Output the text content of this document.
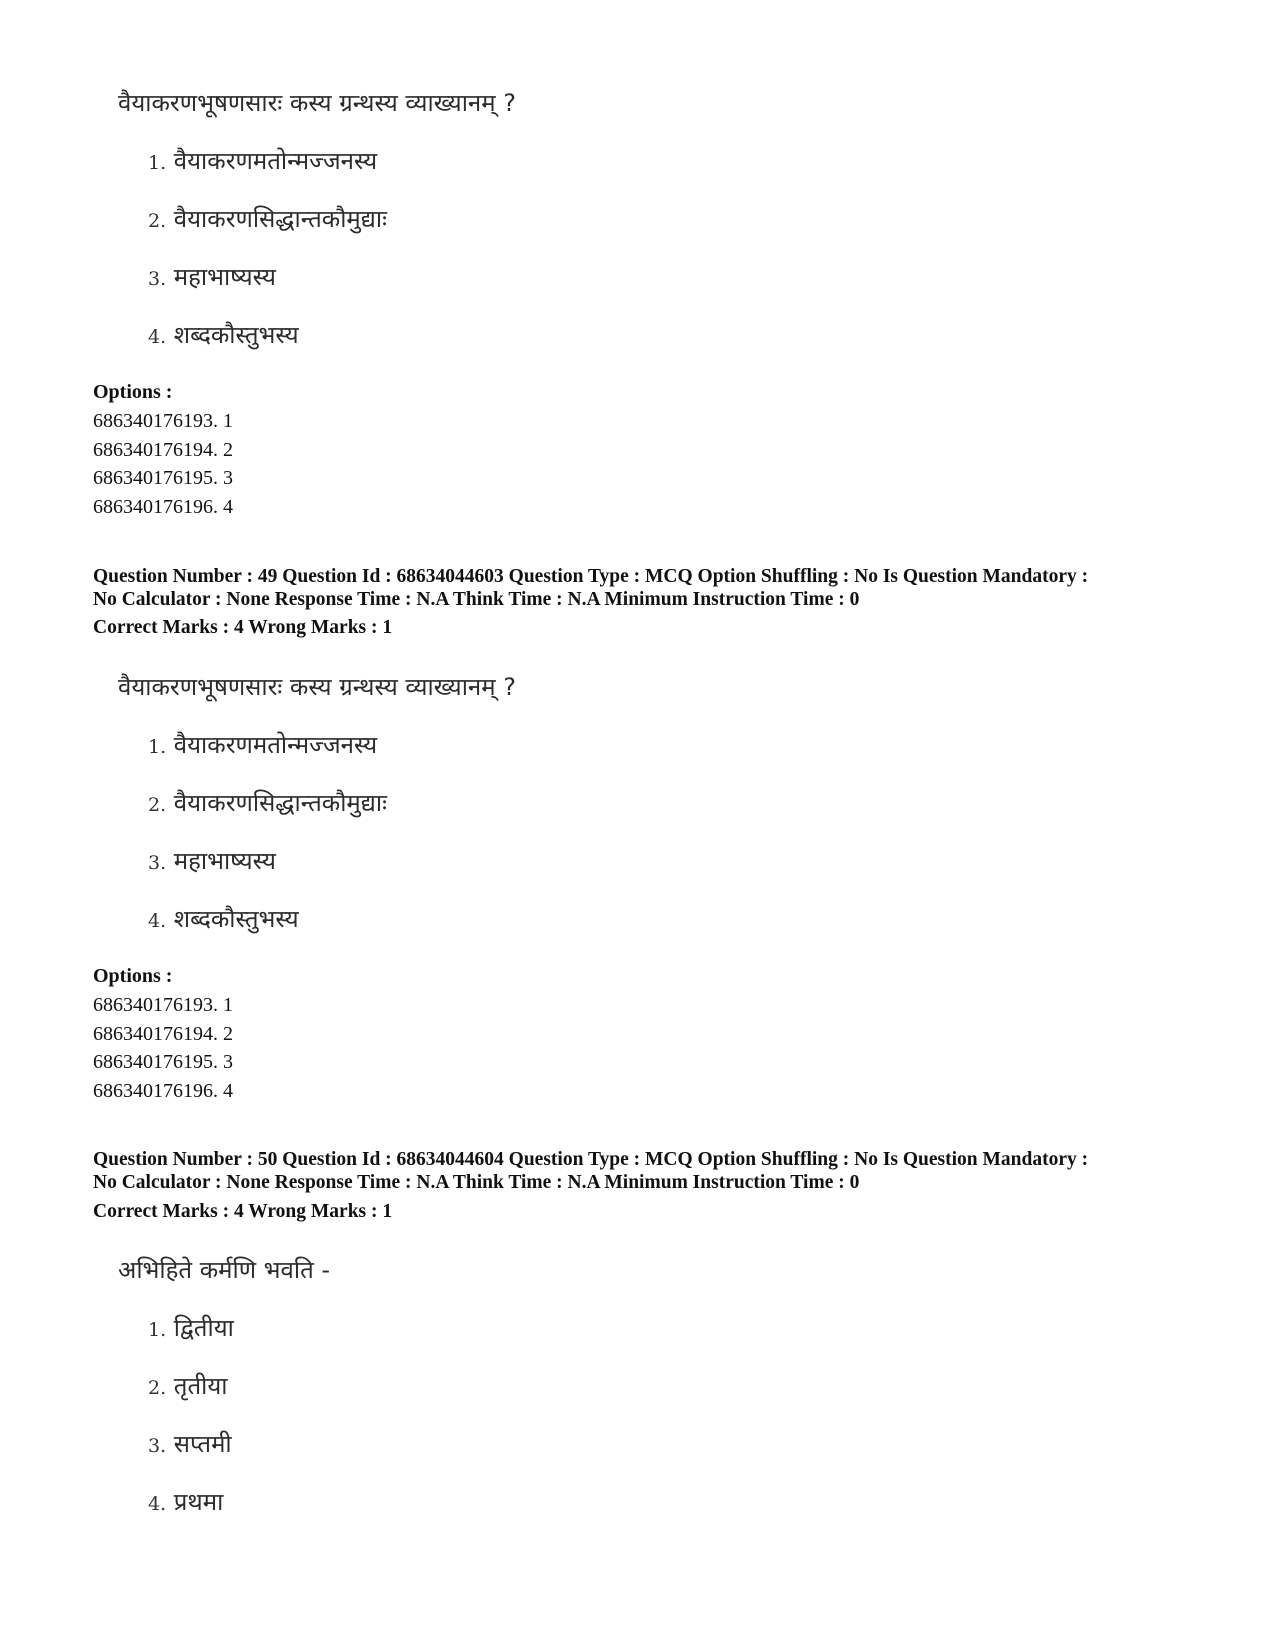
वैयाकरणभूषणसारः कस्य ग्रन्थस्य व्याख्यानम् ?
1. वैयाकरणमतोन्मज्जनस्य
2. वैयाकरणसिद्धान्तकौमुद्याः
3. महाभाष्यस्य
4. शब्दकौस्तुभस्य
Options :
686340176193. 1
686340176194. 2
686340176195. 3
686340176196. 4
Question Number : 49 Question Id : 68634044603 Question Type : MCQ Option Shuffling : No Is Question Mandatory :
No Calculator : None Response Time : N.A Think Time : N.A Minimum Instruction Time : 0
Correct Marks : 4 Wrong Marks : 1
वैयाकरणभूषणसारः कस्य ग्रन्थस्य व्याख्यानम् ?
1. वैयाकरणमतोन्मज्जनस्य
2. वैयाकरणसिद्धान्तकौमुद्याः
3. महाभाष्यस्य
4. शब्दकौस्तुभस्य
Options :
686340176193. 1
686340176194. 2
686340176195. 3
686340176196. 4
Question Number : 50 Question Id : 68634044604 Question Type : MCQ Option Shuffling : No Is Question Mandatory :
No Calculator : None Response Time : N.A Think Time : N.A Minimum Instruction Time : 0
Correct Marks : 4 Wrong Marks : 1
अभिहिते कर्मणि भवति -
1. द्वितीया
2. तृतीया
3. सप्तमी
4. प्रथमा
